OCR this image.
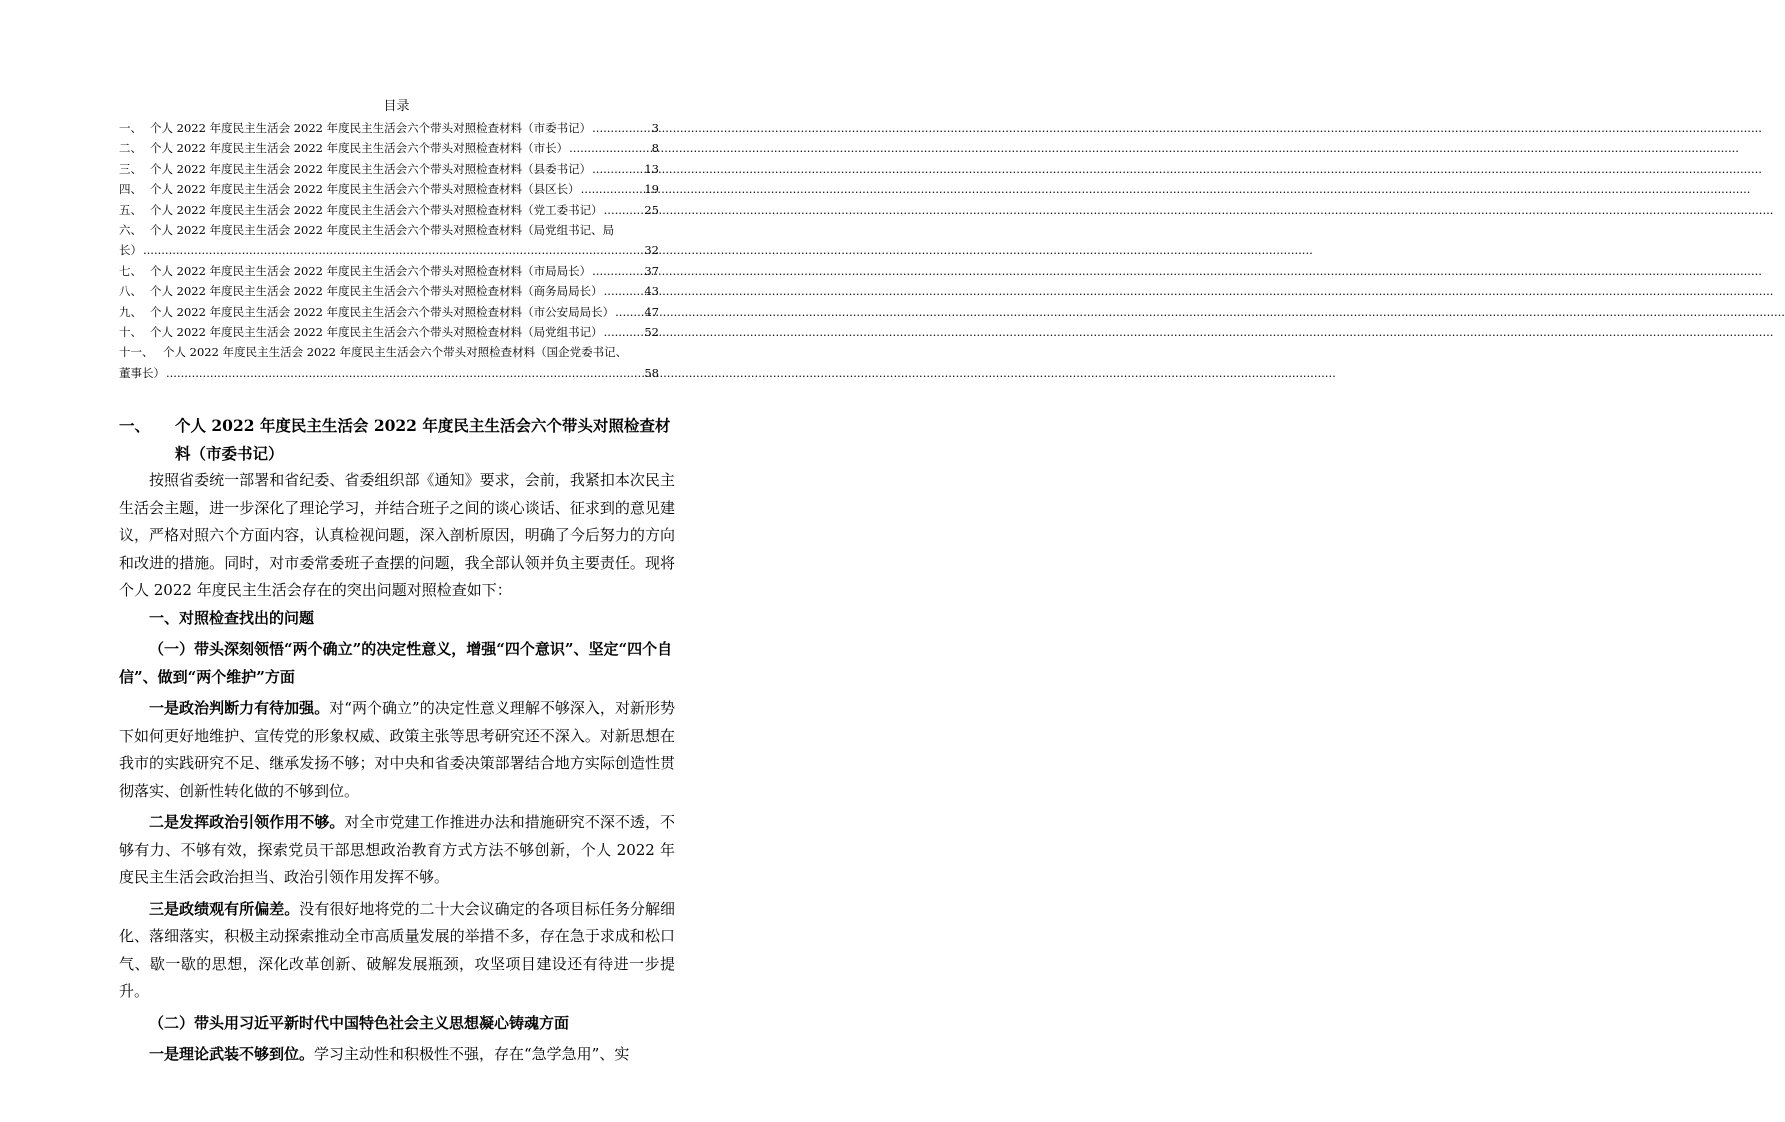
目录
一、 个人 2022 年度民主生活会 2022 年度民主生活会六个带头对照检查材料（市委书记） .....	3
二、 个人 2022 年度民主生活会 2022 年度民主生活会六个带头对照检查材料（市长） .....	8
三、 个人 2022 年度民主生活会 2022 年度民主生活会六个带头对照检查材料（县委书记） .....	13
四、 个人 2022 年度民主生活会 2022 年度民主生活会六个带头对照检查材料（县区长） .....	19
五、 个人 2022 年度民主生活会 2022 年度民主生活会六个带头对照检查材料（党工委书记） .....	25
六、 个人 2022 年度民主生活会 2022 年度民主生活会六个带头对照检查材料（局党组书记、局
长） .....	32
七、 个人 2022 年度民主生活会 2022 年度民主生活会六个带头对照检查材料（市局局长） .....	37
八、 个人 2022 年度民主生活会 2022 年度民主生活会六个带头对照检查材料（商务局局长） .....	43
九、 个人 2022 年度民主生活会 2022 年度民主生活会六个带头对照检查材料（市公安局局长） .....	47
十、 个人 2022 年度民主生活会 2022 年度民主生活会六个带头对照检查材料（局党组书记） .....	52
十一、 个人 2022 年度民主生活会 2022 年度民主生活会六个带头对照检查材料（国企党委书记、
董事长） .....	58
一、	个人 2022 年度民主生活会 2022 年度民主生活会六个带头对照检查材料（市委书记）

按照省委统一部署和省纪委、省委组织部《通知》要求，会前，我紧扣本次民主生活会主题，进一步深化了理论学习，并结合班子之间的谈心谈话、征求到的意见建议，严格对照六个方面内容，认真检视问题，深入剖析原因，明确了今后努力的方向和改进的措施。同时，对市委常委班子查摆的问题，我全部认领并负主要责任。现将个人 2022 年度民主生活会存在的突出问题对照检查如下：

一、对照检查找出的问题

（一）带头深刻领悟“两个确立”的决定性意义，增强“四个意识”、坚定“四个自信”、做到“两个维护”方面

一是政治判断力有待加强。对“两个确立”的决定性意义理解不够深入，对新形势下如何更好地维护、宣传党的形象权威、政策主张等思考研究还不深入。对新思想在我市的实践研究不足、继承发扬不够；对中央和省委决策部署结合地方实际创造性贯彻落实、创新性转化做的不够到位。

二是发挥政治引领作用不够。对全市党建工作推进办法和措施研究不深不透，不够有力、不够有效，探索党员干部思想政治教育方式方法不够创新，个人 2022 年度民主生活会政治担当、政治引领作用发挥不够。

三是政绩观有所偏差。没有很好地将党的二十大会议确定的各项目标任务分解细化、落细落实，积极主动探索推动全市高质量发展的举措不多，存在急于求成和松口气、歇一歇的思想，深化改革创新、破解发展瓶颈，攻坚项目建设还有待进一步提升。

（二）带头用习近平新时代中国特色社会主义思想凝心铸魂方面

一是理论武装不够到位。学习主动性和积极性不强，存在“急学急用”、实
